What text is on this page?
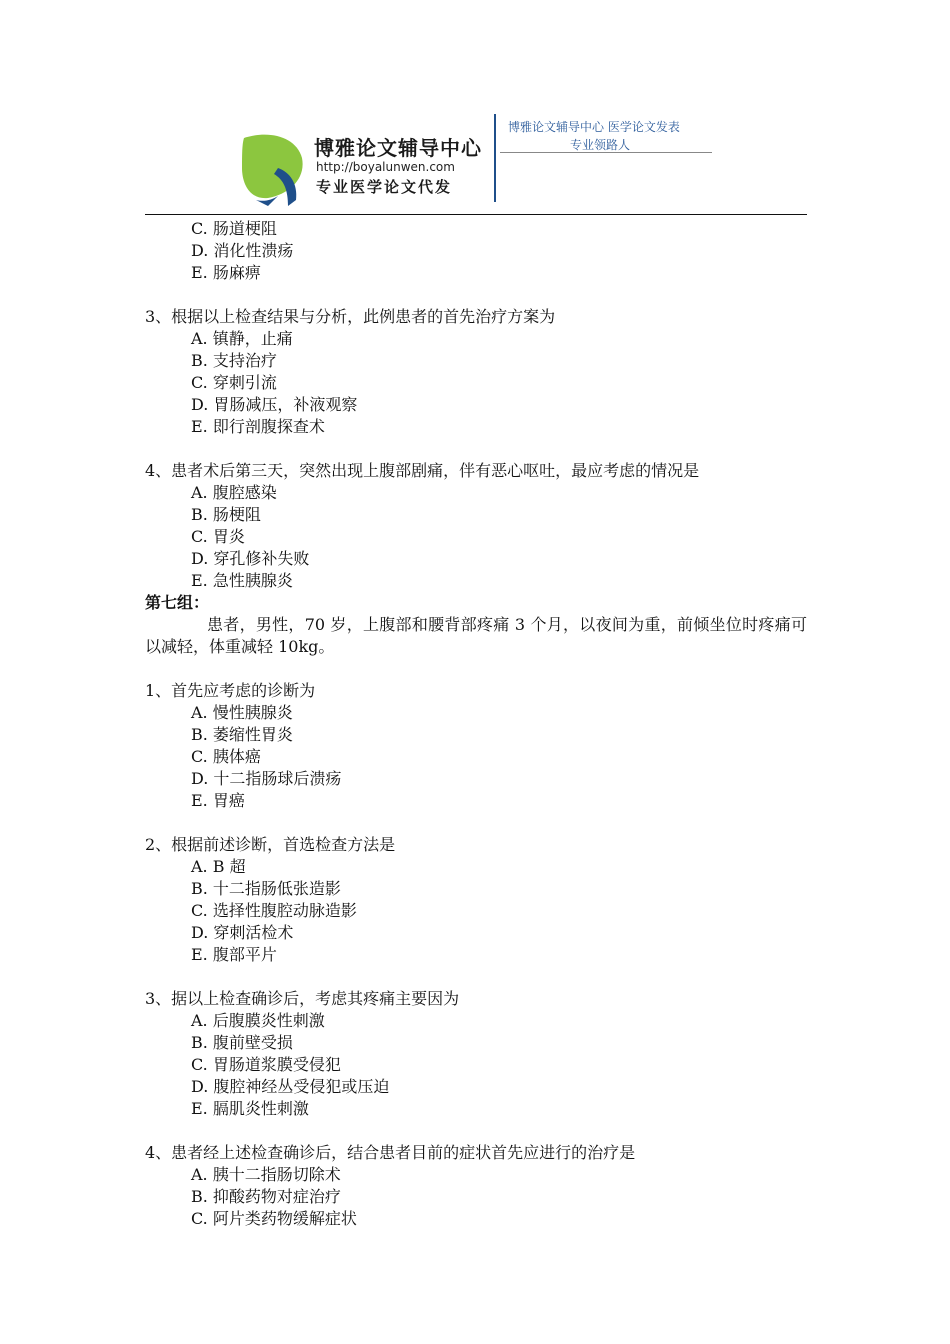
博雅论文辅导中心
http://boyalunwen.com
专业医学论文代发
博雅论文辅导中心 医学论文发表
专业领路人
C. 肠道梗阻
D. 消化性溃疡
E. 肠麻痹
3、根据以上检查结果与分析，此例患者的首先治疗方案为
A. 镇静，止痛
B. 支持治疗
C. 穿刺引流
D. 胃肠减压，补液观察
E. 即行剖腹探查术
4、患者术后第三天，突然出现上腹部剧痛，伴有恶心呕吐，最应考虑的情况是
A. 腹腔感染
B. 肠梗阻
C. 胃炎
D. 穿孔修补失败
E. 急性胰腺炎
第七组：
患者，男性，70 岁，上腹部和腰背部疼痛 3 个月，以夜间为重，前倾坐位时疼痛可以减轻，体重减轻 10kg。
1、首先应考虑的诊断为
A. 慢性胰腺炎
B. 萎缩性胃炎
C. 胰体癌
D. 十二指肠球后溃疡
E. 胃癌
2、根据前述诊断，首选检查方法是
A. B 超
B. 十二指肠低张造影
C. 选择性腹腔动脉造影
D. 穿刺活检术
E. 腹部平片
3、据以上检查确诊后，考虑其疼痛主要因为
A. 后腹膜炎性刺激
B. 腹前壁受损
C. 胃肠道浆膜受侵犯
D. 腹腔神经丛受侵犯或压迫
E. 膈肌炎性刺激
4、患者经上述检查确诊后，结合患者目前的症状首先应进行的治疗是
A. 胰十二指肠切除术
B. 抑酸药物对症治疗
C. 阿片类药物缓解症状
